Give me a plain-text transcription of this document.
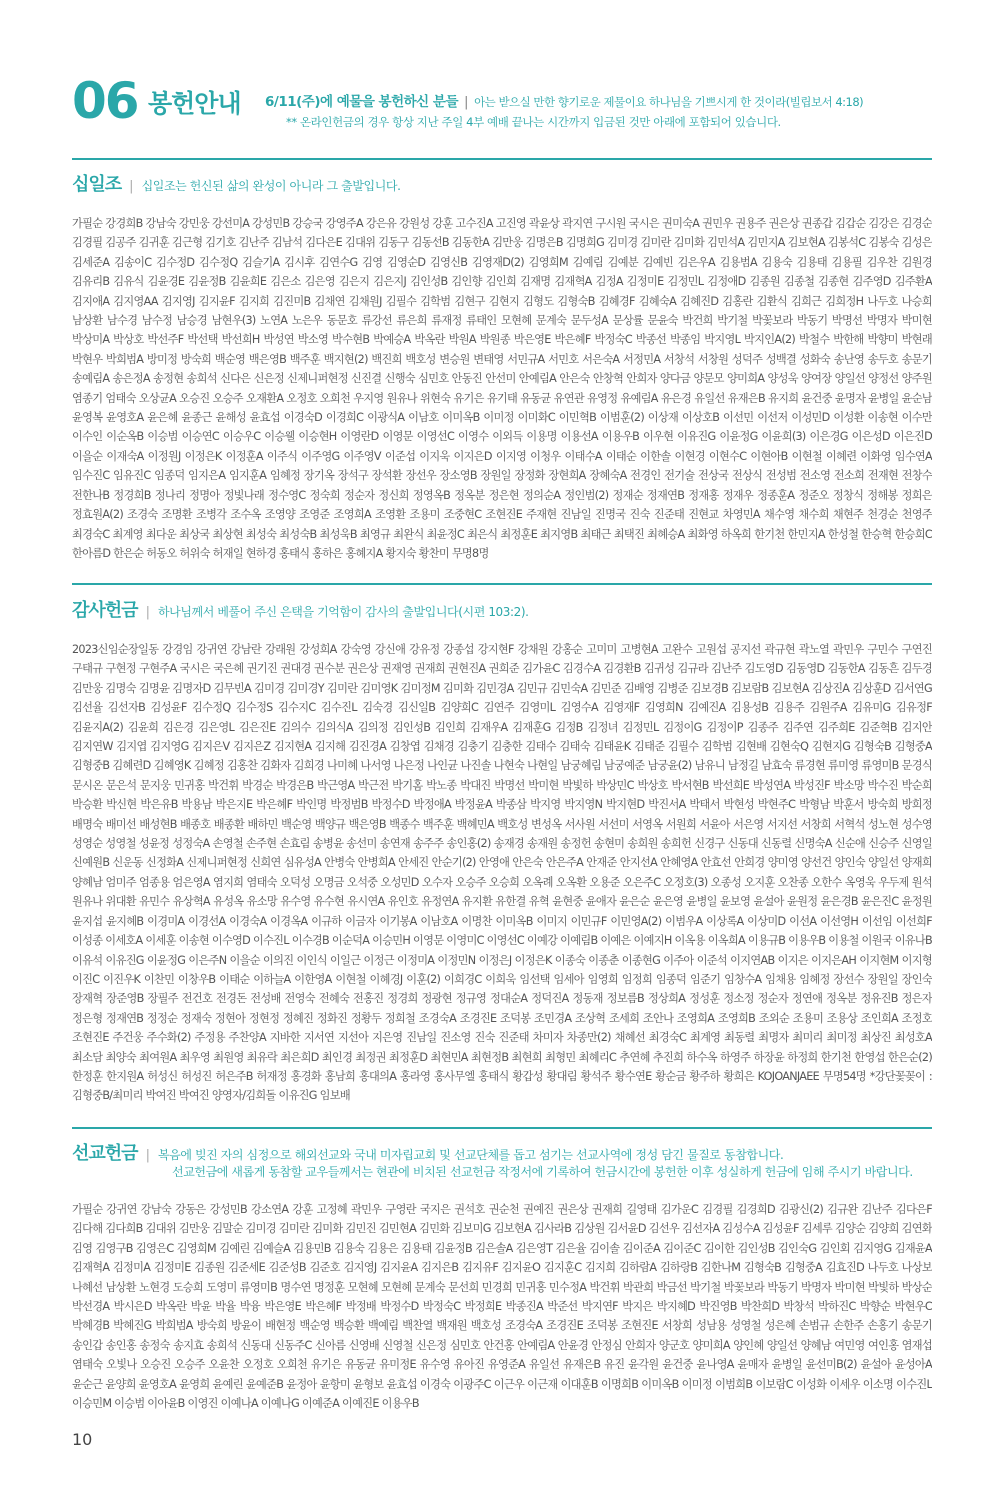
06 봉헌안내 6/11(주)에 예물을 봉헌하신 분들 | 아는 받으실 만한 향기로운 제물이요 하나님을 기쁘시게 한 것이라(빌립보서 4:18)
** 온라인헌금의 경우 항상 지난 주일 4부 예배 끝나는 시간까지 입금된 것만 아래에 포함되어 있습니다.
십일조 | 십일조는 헌신된 삶의 완성이 아니라 그 출발입니다.
가필순 강경희B 강남숙 강민웅 강선미A 강성민B 강승국 강영주A 강은유 강원성 강훈 고수진A 고진영 곽윤상 곽지연 구시원 국시은 권미숙A 권민우 권용주 권은상 권종갑 김갑순 김강은 김경순 김경필 김공주 김귀훈 김근형 김기호 김난주 김남석 김다은E 김대위 김동구 김동선B 김동한A 김만웅 김명은B 김명희G 김미경 김미란 김미화 김민석A 김민지A 김보현A 김봉석C 김봉숙 김성은 김세준A 김송이C 김수정D 김수정Q 김슬기A 김시후 김연수G 김영 김영순D 김영신B 김영재D(2) 김영희M 김예림 김예분 김예빈 김은우A 김용범A 김용숙 김용태 김용필 김우찬 김원경 김유리B 김유식 김윤경E 김윤정B 김윤희E 김은소 김은영 김은지 김은지J 김인성B 김인향 김인희 김재명 김재혁A 김정A 김정미E 김정민L 김정애D 김종원 김종철 김종현 김주영D 김주환A 김지애A 김지영AA 김지영J 김지윤F 김지희 김진미B 김채연 김채원J 김필수 김학범 김현구 김현지 김형도 김형숙B 김혜경F 김혜숙A 김혜진D 김홍란 김환식 김희근 김희정H 나두호 나승희 남상환 남수경 남수정 남승경 남현우(3) 노연A 노은우 동문호 류강선 류은희 류재정 류태인 모현혜 문계숙 문두성A 문상률 문윤숙 박건희 박기철 박꽃보라 박동기 박명선 박명자 박미현 박상미A 박상호 박선주F 박선택 박선희H 박성연 박소영 박수현B 박예승A 박옥란 박원A 박원종 박은영E 박은혜F 박정숙C 박종선 박종임 박지영L 박지인A(2) 박철수 박한해 박향미 박현래 박현우 박희범A 방미정 방숙희 백순영 백은영B 백주훈 백지현(2) 백진희 백호성 변승원 변태영 서민규A 서민호 서은숙A 서정민A 서창석 서창원 성덕주 성백결 성화숙 송난영 송두호 송문기 송예림A 송은정A 송정현 송희석 신다은 신은정 신제니퍼현정 신진결 신행숙 심민호 안동진 안선미 안예림A 안은숙 안창혁 안희자 양다금 양문모 양미희A 양성욱 양여장 양일선 양정선 양주원 염종기 엄태숙 오상균A 오승진 오승주 오재환A 오정호 오희천 우지영 원유나 위현숙 유기은 유기태 유동균 유연관 유영정 유예림A 유은경 유일선 유재은B 유지희 윤건중 윤명자 윤병일 윤순남 윤영복 윤영호A 윤은혜 윤종근 윤해성 윤효섭 이경숙D 이경희C 이광식A 이남호 이미옥B 이미정 이미화C 이민혁B 이범훈(2) 이상재 이상호B 이선민 이선저 이성민D 이성환 이송현 이수만 이수인 이순옥B 이승범 이승연C 이승우C 이승웰 이승현H 이영란D 이영문 이영선C 이영수 이외득 이용명 이용선A 이용우B 이우현 이유진G 이윤정G 이윤희(3) 이은경G 이은성D 이은진D 이을순 이재숙A 이정원J 이정은K 이정훈A 이주식 이주영G 이주영V 이준섭 이지욱 이지은D 이지영 이청우 이태수A 이태순 이한솔 이현경 이현수C 이현아B 이현철 이혜련 이화영 임수연A 임수진C 임유진C 임종덕 임지은A 임지훈A 임혜정 장기옥 장석구 장석환 장선우 장소영B 장원일 장정화 장현희A 장혜숙A 전경인 전기술 전상국 전상식 전성범 전소영 전소희 전재현 전창수 전한나B 정경희B 정나리 정명아 정빛나래 정수영C 정숙희 정순자 정신희 정영옥B 정옥분 정은현 정의순A 정인범(2) 정재순 정재연B 정재홍 정재우 정종훈A 정준오 정창식 정해봉 정희은 정효원A(2) 조경숙 조명환 조병각 조수옥 조영양 조영준 조영희A 조영환 조용미 조중현C 조현진E 주재현 진남일 진명국 진숙 진준태 진현교 차영민A 채수영 채수희 채현주 천경순 천영주 최경숙C 최계영 최다운 최상국 최상현 최성숙 최성숙B 최성욱B 최영규 최완식 최윤정C 최은식 최정훈E 최지영B 최태근 최택진 최혜승A 최화영 하옥희 한기천 한민지A 한성철 한승혁 한승희C 한아름D 한은순 허동오 허위숙 허재일 현하경 홍태식 홍하은 홍혜지A 황지숙 황찬미 무명8명
감사헌금 | 하나님께서 베풀어 주신 은택을 기억함이 감사의 출발입니다(시편 103:2).
2023신임순장일동 강경임 강귀연 강남란 강래원 강성희A 강숙영 강신애 강유정 강종섭 강지현F 강채원 강홍순 고미미 고병현A 고완수 고원섭 공지선 곽규현 곽노열 곽민우 구민수 구연진 구태규 구현정 구현주A 국시은 국은혜 권기진 권대경 권수분 권은상 권재영 권재희 권현진A 권희준 김가윤C 김경수A 김경환B 김귀성 김규라 김난주 김도영D 김동영D 김동한A 김동흔 김두경 김만웅 김명숙 김명윤 김명자D 김무빈A 김미경 김미경Y 김미란 김미영K 김미정M 김미화 김민경A 김민규 김민숙A 김민준 김배영 김병준 김보경B 김보람B 김보현A 김상진A 김상훈D 김서연G 김선율 김선자B 김성윤F 김수정Q 김수정S 김수지C 김수진L 김숙경 김신일B 김양희C 김연주 김영미L 김영수A 김영재F 김영희N 김예진A 김용성B 김용주 김원주A 김유미G 김유정F 김윤지A(2) 김윤희 김은경 김은영L 김은진E 김의수 김의식A 김의정 김인성B 김인희 김재우A 김재훈G 김정B 김정녀 김정민L 김정이G 김정이P 김종주 김주연 김주희E 김준혁B 김지안 김지연W 김지엽 김지영G 김지은V 김지은Z 김지현A 김지해 김진경A 김창엽 김채경 김충기 김충한 김태수 김태숙 김태윤K 김태준 김필수 김학범 김현배 김현숙Q 김현지G 김형숙B 김형중A 김형중B 김혜련D 김혜영K 김혜정 김홍찬 김화자 김희경 나미혜 나서영 나은정 나인균 나진솔 나현숙 나현일 남궁혜림 남궁예준 남궁윤(2) 남유니 남정길 남효숙 류경현 류미영 류영미B 문경식 문시온 문은석 문지웅 민귀홍 박건휘 박경순 박경은B 박근영A 박근전 박기홈 박노종 박대진 박명선 박미현 박빛하 박상민C 박상호 박서현B 박선희E 박성연A 박성진F 박소망 박수진 박순희 박승환 박신현 박은유B 박용남 박은지E 박은혜F 박인명 박정범B 박정수D 박정애A 박정윤A 박종삼 박지영 박지영N 박지현D 박진서A 박태서 박현성 박현주C 박형남 박훈서 방숙희 방희정 배명숙 배미선 배성현B 배종호 배종환 배하민 백순영 백양규 백은영B 백종수 백주훈 백혜민A 백호성 변성옥 서사원 서선미 서영옥 서원희 서윤아 서은영 서지선 서창희 서혁석 성노현 성수영 성영순 성영철 성윤정 성정숙A 손영철 손주현 손효림 송병윤 송선미 송연재 송주주 송인홍(2) 송재경 송재원 송정헌 송현미 송희원 송희헌 신경구 신동대 신동렬 신명숙A 신순애 신승주 신영일 신예원B 신운동 신정화A 신제니퍼현정 신희연 심유성A 안병숙 안병희A 안세진 안순기(2) 안영애 안은숙 안은주A 안재준 안지선A 안혜영A 안효선 안희경 양미영 양선건 양인숙 양일선 양재희 양혜남 엄미주 엄종용 엄은영A 염지희 염태숙 오덕성 오명금 오석중 오성민D 오수자 오승주 오승희 오옥례 오옥환 오용준 오은주C 오정호(3) 오종성 오지훈 오찬종 오한수 옥영욱 우두제 원석 원유나 위대환 유민수 유상혁A 유성옥 유소망 유수영 유수현 유시연A 유인호 유정연A 유지환 유한결 유혁 윤현중 윤애자 윤은순 윤은영 윤병일 윤보영 윤설아 윤원정 윤은경B 윤은진C 윤정원 윤지섭 윤지혜B 이경미A 이경선A 이경숙A 이경옥A 이규하 이금자 이기봉A 이남호A 이명찬 이미옥B 이미지 이민규F 이민영A(2) 이범우A 이상록A 이상미D 이선A 이선영H 이선임 이선희F 이성종 이세호A 이세훈 이송현 이수영D 이수진L 이수경B 이순덕A 이승민H 이영문 이영미C 이영선C 이예강 이예림B 이예은 이예지H 이옥용 이옥희A 이용규B 이용우B 이용철 이원국 이유나B 이유석 이유진G 이윤정G 이은주N 이을순 이의진 이인식 이일근 이정근 이정미A 이정민N 이정은J 이정은K 이종숙 이종춘 이종현G 이주아 이준석 이지연AB 이지은 이지은AH 이지현M 이지형 이진C 이진우K 이찬민 이창우B 이태순 이하늘A 이한영A 이현철 이혜경J 이훈(2) 이희경C 이희욱 임선택 임세아 임영희 임정희 임종덕 임준기 임창수A 임채용 임혜정 장선수 장원일 장인숙 장재혁 장준영B 장필주 전건호 전경돈 전성배 전영숙 전혜숙 전홍진 정경희 정광현 정규영 정대순A 정덕진A 정동재 정보름B 정상희A 정성훈 정소정 정순자 정연애 정옥분 정유진B 정은자 정은형 정재연B 정정순 정재숙 정현아 정현정 정혜진 정화진 정황두 정희철 조경숙A 조경진E 조덕봉 조민경A 조상혁 조세희 조안나 조영희A 조영희B 조외순 조용미 조용상 조인희A 조정호 조현진E 주건웅 주수화(2) 주정용 주찬양A 지바한 지서연 지선아 지은영 진남일 진소영 진숙 진준태 차미자 차종만(2) 채혜선 최경숙C 최계영 최동렬 최명자 최미리 최미정 최상진 최성호A 최소담 최양숙 최여원A 최우영 최원영 최유락 최은희D 최인경 최정권 최정훈D 최현민A 최현정B 최현희 최형민 최혜리C 추연혜 추진희 하수옥 하영주 하장윤 하정희 한기천 한영섭 한은순(2) 한정훈 한지원A 허성신 허성진 허은주B 허재정 홍경화 홍남희 홍대의A 홍라영 홍사무엘 홍태식 황갑성 황대림 황석주 황수연E 황순금 황주하 황희은 KOJOANJAEE 무명54명 *강단꽃꽂이 : 김형중B/최미리 박여진 박여진 양영자/김희돌 이유진G 임보배
선교헌금 | 복음에 빚진 자의 심정으로 해외선교와 국내 미자립교회 및 선교단체를 돕고 섬기는 선교사역에 정성 담긴 물질로 동참합니다.
선교헌금에 새롭게 동참할 교우들께서는 현관에 비치된 선교헌금 작정서에 기록하여 헌금시간에 봉헌한 이후 성실하게 헌금에 임해 주시기 바랍니다.
가필순 강귀연 강남숙 강동은 강성민B 강소연A 강훈 고정혜 곽민우 구영란 국지은 권석호 권순천 권예진 권은상 권재희 길영태 김가운C 김경필 김경희D 김광신(2) 김규완 김난주 김다은F 김다해 김다희B 김대위 김만웅 김말순 김미경 김미란 김미화 김민진 김민현A 김민화 김보미G 김보현A 김사라B 김상원 김서윤D 김선우 김선자A 김성수A 김성윤F 김세루 김양순 김양희 김연화 김영 김영구B 김영은C 김영희M 김예린 김예슬A 김용민B 김용숙 김용은 김용태 김윤정B 김은솔A 김은영T 김은율 김이솔 김이준A 김이준C 김이한 김인성B 김인숙G 김인회 김지영G 김재윤A 김재혁A 김정미A 김정미E 김종원 김준세E 김준성B 김준호 김지영J 김지윤A 김지은B 김지유F 김지윤O 김지훈C 김지희 김하람A 김하랑B 김한나M 김형숙B 김형중A 김효진D 나두호 나상보 나혜선 남상환 노현경 도승희 도영미 류영미B 명수연 명정훈 모현혜 모현혜 문계숙 문선희 민경희 민귀홍 민수정A 박건휘 박관희 박금선 박기철 박꽃보라 박동기 박명자 박미현 박빛하 박상순 박선경A 박시은D 박옥란 박윤 박율 박융 박은영E 박은혜F 박정배 박정수D 박정숙C 박정희E 박종진A 박준선 박지연F 박지은 박지혜D 박진영B 박찬희D 박창석 박하진C 박향순 박현우C 박혜경B 박혜진G 박희범A 방숙희 방윤이 배현정 백순영 백승환 백예림 백찬열 백재원 백호성 조경숙A 조경진E 조덕봉 조현진E 서창희 성남용 성영철 성은혜 손범규 손한주 손홍기 송문기 송인갑 송인홍 송정숙 송지효 송희석 신동대 신동주C 신아름 신영배 신영철 신은정 심민호 안건홍 안예림A 안윤경 안정심 안희자 양군호 양미희A 양인혜 양일선 양혜남 여민영 여인홍 염재섭 염태숙 오빛나 오승진 오승주 오윤찬 오정호 오희천 유기은 유동균 유미정E 유수영 유아진 유영준A 유일선 유재은B 유진 윤각원 윤건중 윤나영A 윤매자 윤병일 윤선미B(2) 윤설아 윤성아A 윤순근 윤양희 윤영호A 윤영희 윤예린 윤예준B 윤정아 윤항미 윤형보 윤효섭 이경숙 이광주C 이근우 이근재 이대훈B 이명희B 이미옥B 이미정 이범희B 이보람C 이성화 이세우 이소명 이수진L 이승민M 이승범 이아윤B 이영진 이예나A 이예나G 이예준A 이예진E 이용우B
10
